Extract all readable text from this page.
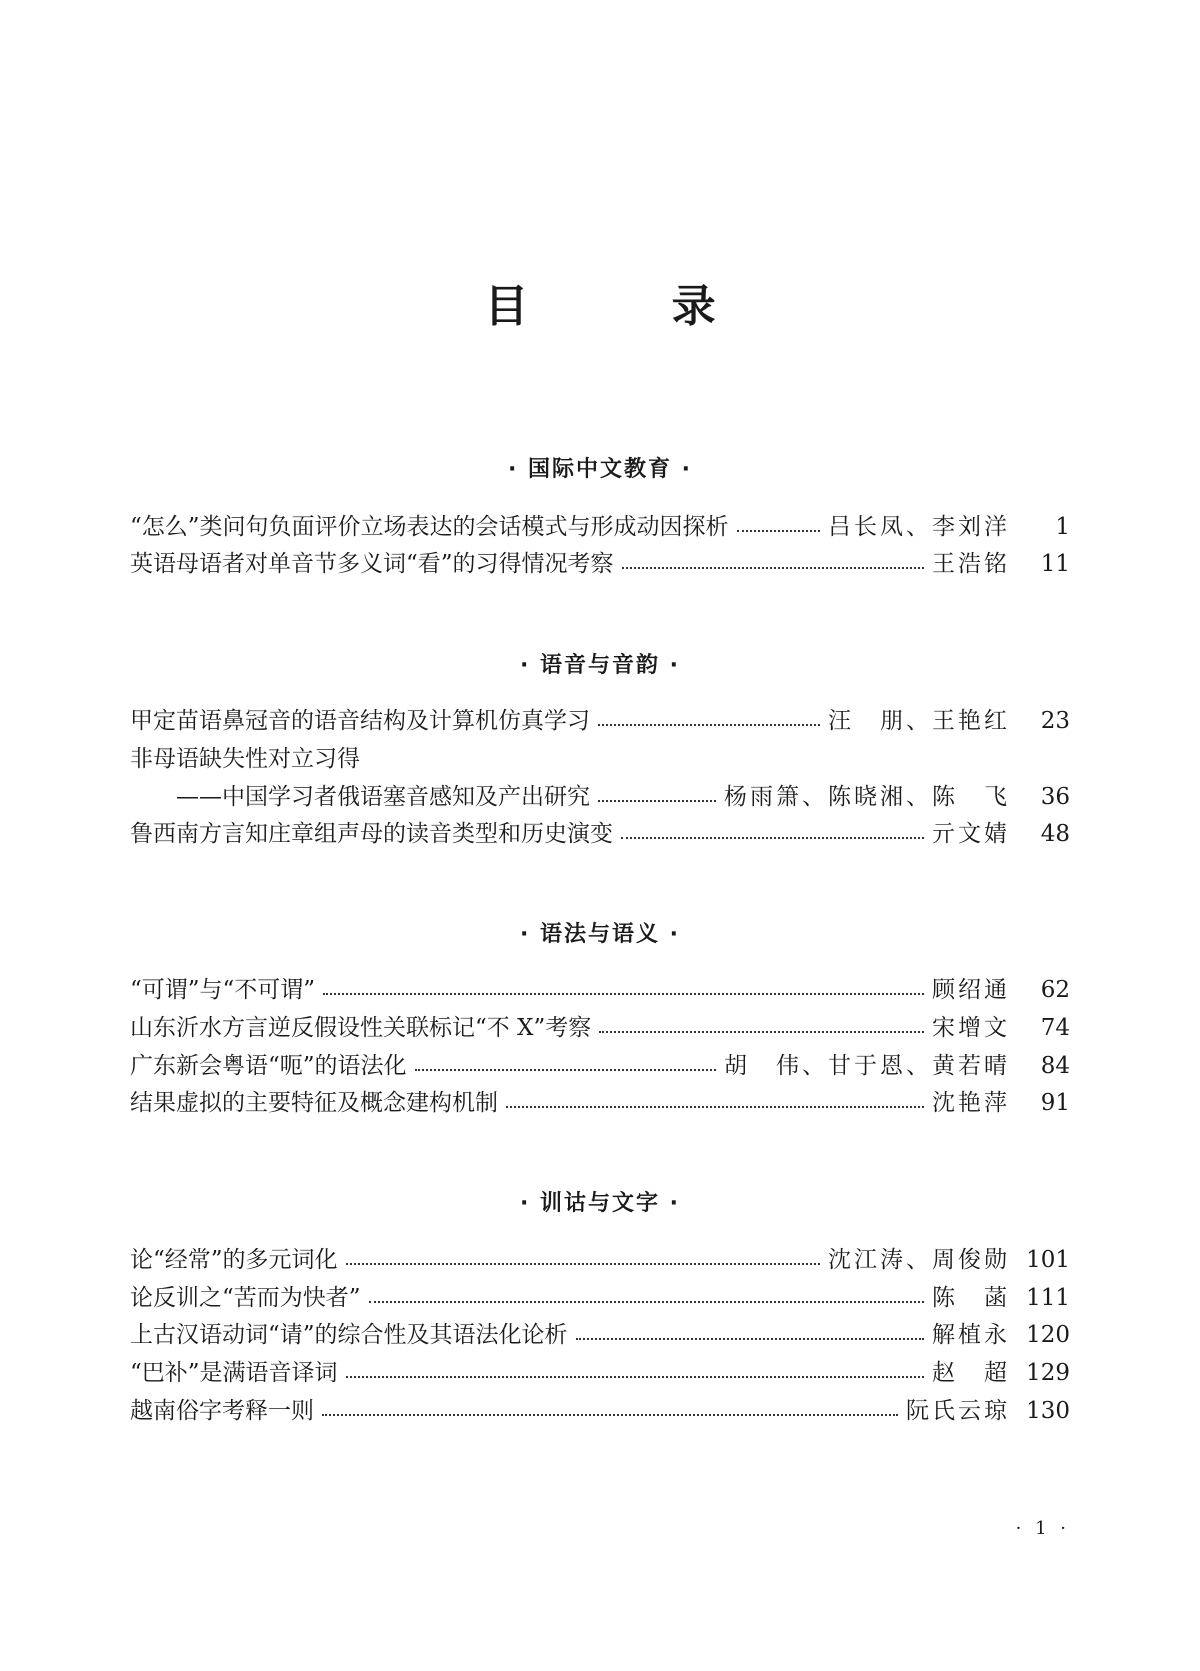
目 录
· 国际中文教育 ·
“怎么”类问句负面评价立场表达的会话模式与形成动因探析	吕长凤、李刘洋	1
英语母语者对单音节多义词“看”的习得情况考察	王浩铭	11
· 语音与音韵 ·
甲定苗语鼻冠音的语音结构及计算机仿真学习	汪　朋、王艳红	23
非母语缺失性对立习得
——中国学习者俄语塞音感知及产出研究	杨雨箫、陈晓湘、陈　飞	36
鲁西南方言知庄章组声母的读音类型和历史演变	亓文婧	48
· 语法与语义 ·
“可谓”与“不可谓”	顾绍通	62
山东沂水方言逆反假设性关联标记“不 X”考察	宋增文	74
广东新会粤语“呃”的语法化	胡　伟、甘于恩、黄若晴	84
结果虚拟的主要特征及概念建构机制	沈艳萍	91
· 训诂与文字 ·
论“经常”的多元词化	沈江涛、周俊勋 101
论反训之“苦而为快者”	陈　菡 111
上古汉语动词“请”的综合性及其语法化论析	解植永 120
“巴补”是满语音译词	赵　超 129
越南俗字考释一则	阮氏云琼 130
· 1 ·
